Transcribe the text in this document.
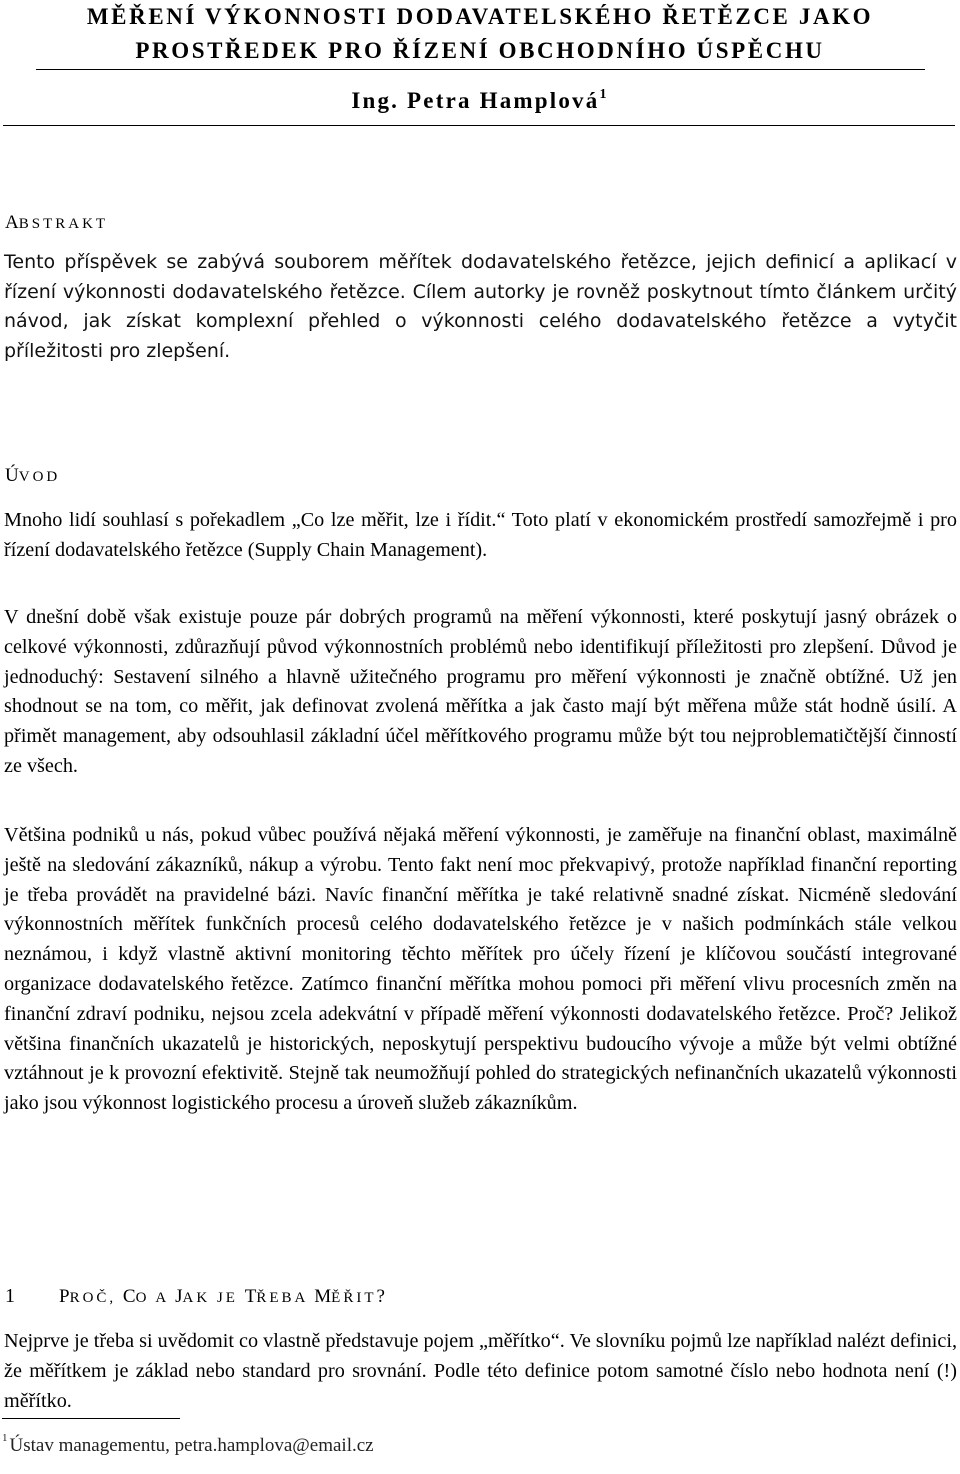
MĚŘENÍ VÝKONNOSTI DODAVATELSKÉHO ŘETĚZCE JAKO
PROSTŘEDEK PRO ŘÍZENÍ OBCHODNÍHO ÚSPĚCHU
Ing. Petra Hamplová$^1$
ABSTRAKT
Tento příspěvek se zabývá souborem měřítek dodavatelského řetězce, jejich definicí a aplikací v řízení výkonnosti dodavatelského řetězce. Cílem autorky je rovněž poskytnout tímto článkem určitý návod, jak získat komplexní přehled o výkonnosti celého dodavatelského řetězce a vytyčit příležitosti pro zlepšení.
ÚVOD
Mnoho lidí souhlasí s pořekadlem „Co lze měřit, lze i řídit.“ Toto platí v ekonomickém prostředí samozřejmě i pro řízení dodavatelského řetězce (Supply Chain Management).
V dnešní době však existuje pouze pár dobrých programů na měření výkonnosti, které poskytují jasný obrázek o celkové výkonnosti, zdůrazňují původ výkonnostních problémů nebo identifikují příležitosti pro zlepšení. Důvod je jednoduchý: Sestavení silného a hlavně užitečného programu pro měření výkonnosti je značně obtížné. Už jen shodnout se na tom, co měřit, jak definovat zvolená měřítka a jak často mají být měřena může stát hodně úsilí. A přimět management, aby odsouhlasil základní účel měřítkového programu může být tou nejproblematičtější činností ze všech.
Většina podniků u nás, pokud vůbec používá nějaká měření výkonnosti, je zaměřuje na finanční oblast, maximálně ještě na sledování zákazníků, nákup a výrobu. Tento fakt není moc překvapivý, protože například finanční reporting je třeba provádět na pravidelné bázi. Navíc finanční měřítka je také relativně snadné získat. Nicméně sledování výkonnostních měřítek funkčních procesů celého dodavatelského řetězce je v našich podmínkách stále velkou neznámou, i když vlastně aktivní monitoring těchto měřítek pro účely řízení je klíčovou součástí integrované organizace dodavatelského řetězce. Zatímco finanční měřítka mohou pomoci při měření vlivu procesních změn na finanční zdraví podniku, nejsou zcela adekvátní v případě měření výkonnosti dodavatelského řetězce. Proč? Jelikož většina finančních ukazatelů je historických, neposkytují perspektivu budoucího vývoje a může být velmi obtížné vztáhnout je k provozní efektivitě. Stejně tak neumožňují pohled do strategických nefinančních ukazatelů výkonnosti jako jsou výkonnost logistického procesu a úroveň služeb zákazníkům.
1 PROČ, CO A JAK JE TŘEBA MĚŘIT?
Nejprve je třeba si uvědomit co vlastně představuje pojem „měřítko“. Ve slovníku pojmů lze například nalézt definici, že měřítkem je základ nebo standard pro srovnání. Podle této definice potom samotné číslo nebo hodnota není (!) měřítko.
$^1$ Ústav managementu, petra.hamplova@email.cz
